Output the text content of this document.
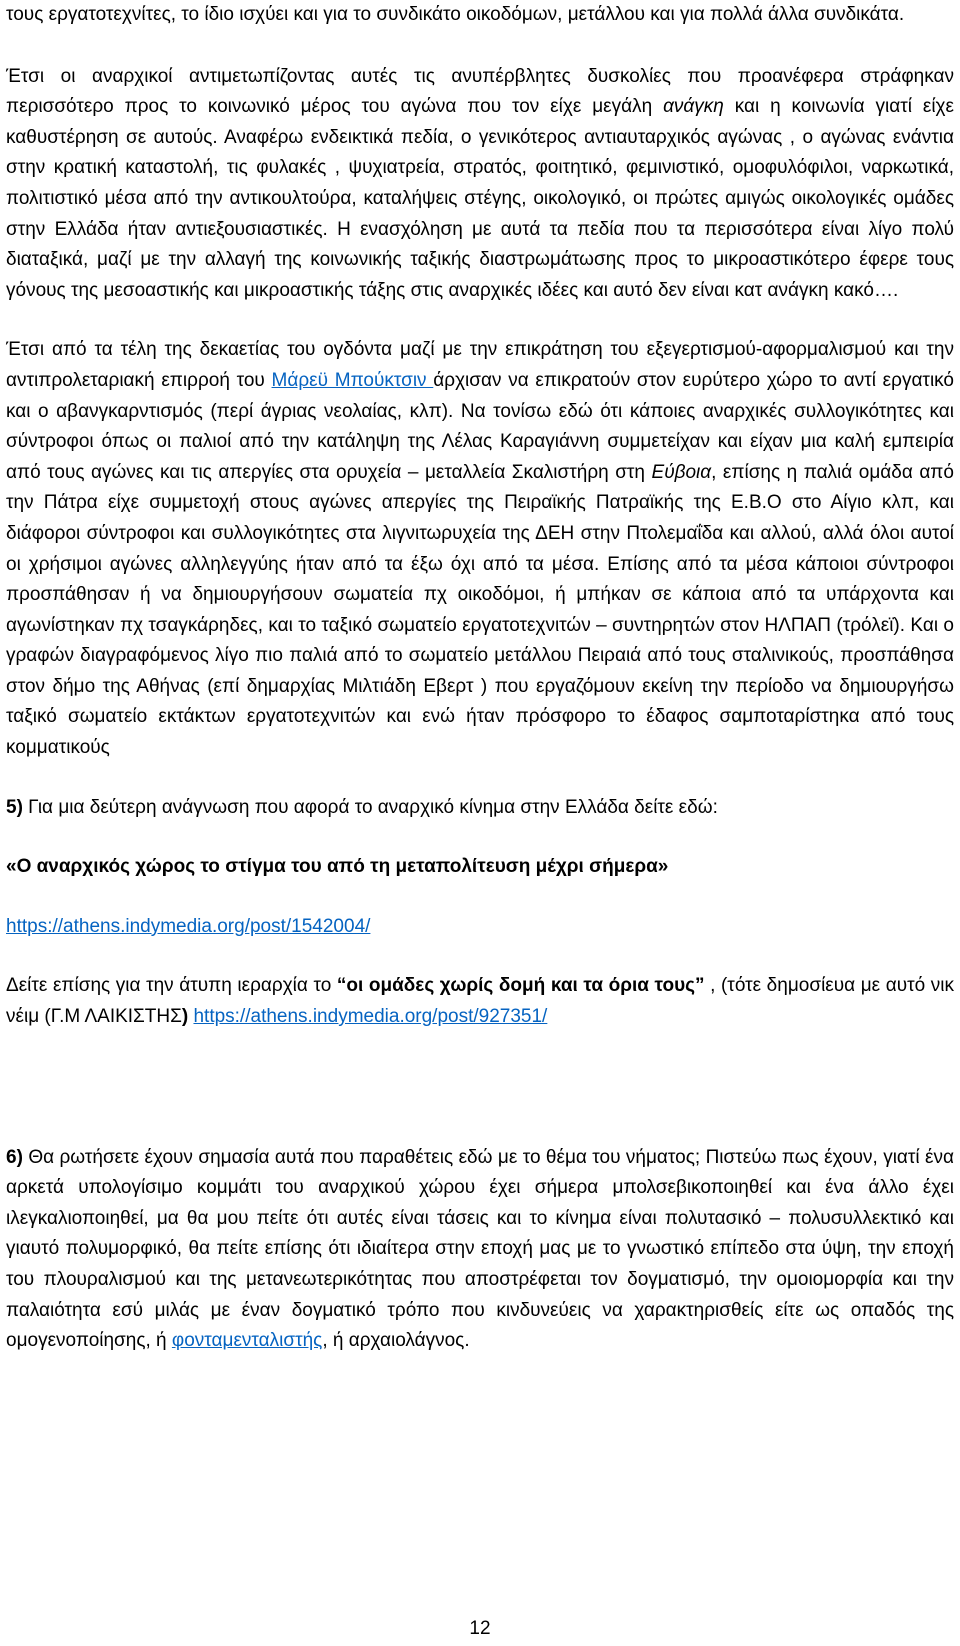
τους εργατοτεχνίτες, το ίδιο ισχύει και για το συνδικάτο οικοδόμων, μετάλλου και για πολλά άλλα συνδικάτα.

Έτσι οι αναρχικοί αντιμετωπίζοντας αυτές τις ανυπέρβλητες δυσκολίες που προανέφερα στράφηκαν περισσότερο προς το κοινωνικό μέρος του αγώνα που τον είχε μεγάλη ανάγκη και η κοινωνία γιατί είχε καθυστέρηση σε αυτούς. Αναφέρω ενδεικτικά πεδία, ο γενικότερος αντιαυταρχικός αγώνας , ο αγώνας ενάντια στην κρατική καταστολή, τις φυλακές , ψυχιατρεία, στρατός, φοιτητικό, φεμινιστικό, ομοφυλόφιλοι, ναρκωτικά, πολιτιστικό μέσα από την αντικουλτούρα, καταλήψεις στέγης, οικολογικό, οι πρώτες αμιγώς οικολογικές ομάδες στην Ελλάδα ήταν αντιεξουσιαστικές. Η ενασχόληση με αυτά τα πεδία που τα περισσότερα είναι λίγο πολύ διαταξικά, μαζί με την αλλαγή της κοινωνικής ταξικής διαστρωμάτωσης προς το μικροαστικότερο έφερε τους γόνους της μεσοαστικής και μικροαστικής τάξης στις αναρχικές ιδέες και αυτό δεν είναι κατ ανάγκη κακό….

Έτσι από τα τέλη της δεκαετίας του ογδόντα μαζί με την επικράτηση του εξεγερτισμού-αφορμαλισμού και την αντιπρολεταριακή επιρροή του Μάρεϋ Μπούκτσιν άρχισαν να επικρατούν στον ευρύτερο χώρο το αντί εργατικό και ο αβανγκαρντισμός (περί άγριας νεολαίας, κλπ). Να τονίσω εδώ ότι κάποιες αναρχικές συλλογικότητες και σύντροφοι όπως οι παλιοί από την κατάληψη της Λέλας Καραγιάννη συμμετείχαν και είχαν μια καλή εμπειρία από τους αγώνες και τις απεργίες στα ορυχεία – μεταλλεία Σκαλιστήρη στη Εύβοια, επίσης η παλιά ομάδα από την Πάτρα είχε συμμετοχή στους αγώνες απεργίες της Πειραϊκής Πατραϊκής της Ε.Β.Ο στο Αίγιο κλπ, και διάφοροι σύντροφοι και συλλογικότητες στα λιγνιτωρυχεία της ΔΕΗ στην Πτολεμαΐδα και αλλού, αλλά όλοι αυτοί οι χρήσιμοι αγώνες αλληλεγγύης ήταν από τα έξω όχι από τα μέσα. Επίσης από τα μέσα κάποιοι σύντροφοι προσπάθησαν ή να δημιουργήσουν σωματεία πχ οικοδόμοι, ή μπήκαν σε κάποια από τα υπάρχοντα και αγωνίστηκαν πχ τσαγκάρηδες, και το ταξικό σωματείο εργατοτεχνιτών – συντηρητών στον ΗΛΠΑΠ (τρόλεϊ). Και ο γραφών διαγραφόμενος λίγο πιο παλιά από το σωματείο μετάλλου Πειραιά από τους σταλινικούς, προσπάθησα στον δήμο της Αθήνας (επί δημαρχίας Μιλτιάδη Εβερτ ) που εργαζόμουν εκείνη την περίοδο να δημιουργήσω ταξικό σωματείο εκτάκτων εργατοτεχνιτών και ενώ ήταν πρόσφορο το έδαφος σαμποταρίστηκα από τους κομματικούς

5) Για μια δεύτερη ανάγνωση που αφορά το αναρχικό κίνημα στην Ελλάδα δείτε εδώ:

«Ο αναρχικός χώρος το στίγμα του από τη μεταπολίτευση μέχρι σήμερα»

https://athens.indymedia.org/post/1542004/

Δείτε επίσης για την άτυπη ιεραρχία το “οι ομάδες χωρίς δομή και τα όρια τους” , (τότε δημοσίευα με αυτό νικ νέιμ (Γ.Μ ΛΑΙΚΙΣΤΗΣ) https://athens.indymedia.org/post/927351/

6) Θα ρωτήσετε έχουν σημασία αυτά που παραθέτεις εδώ με το θέμα του νήματος; Πιστεύω πως έχουν, γιατί ένα αρκετά υπολογίσιμο κομμάτι του αναρχικού χώρου έχει σήμερα μπολσεβικοποιηθεί και ένα άλλο έχει ιλεγκαλιοποιηθεί, μα θα μου πείτε ότι αυτές είναι τάσεις και το κίνημα είναι πολυτασικό – πολυσυλλεκτικό και γιαυτό πολυμορφικό, θα πείτε επίσης ότι ιδιαίτερα στην εποχή μας με το γνωστικό επίπεδο στα ύψη, την εποχή του πλουραλισμού και της μετανεωτερικότητας που αποστρέφεται τον δογματισμό, την ομοιομορφία και την παλαιότητα εσύ μιλάς με έναν δογματικό τρόπο που κινδυνεύεις να χαρακτηρισθείς είτε ως οπαδός της ομογενοποίησης, ή φονταμενταλιστής, ή αρχαιολάγνος.

12
